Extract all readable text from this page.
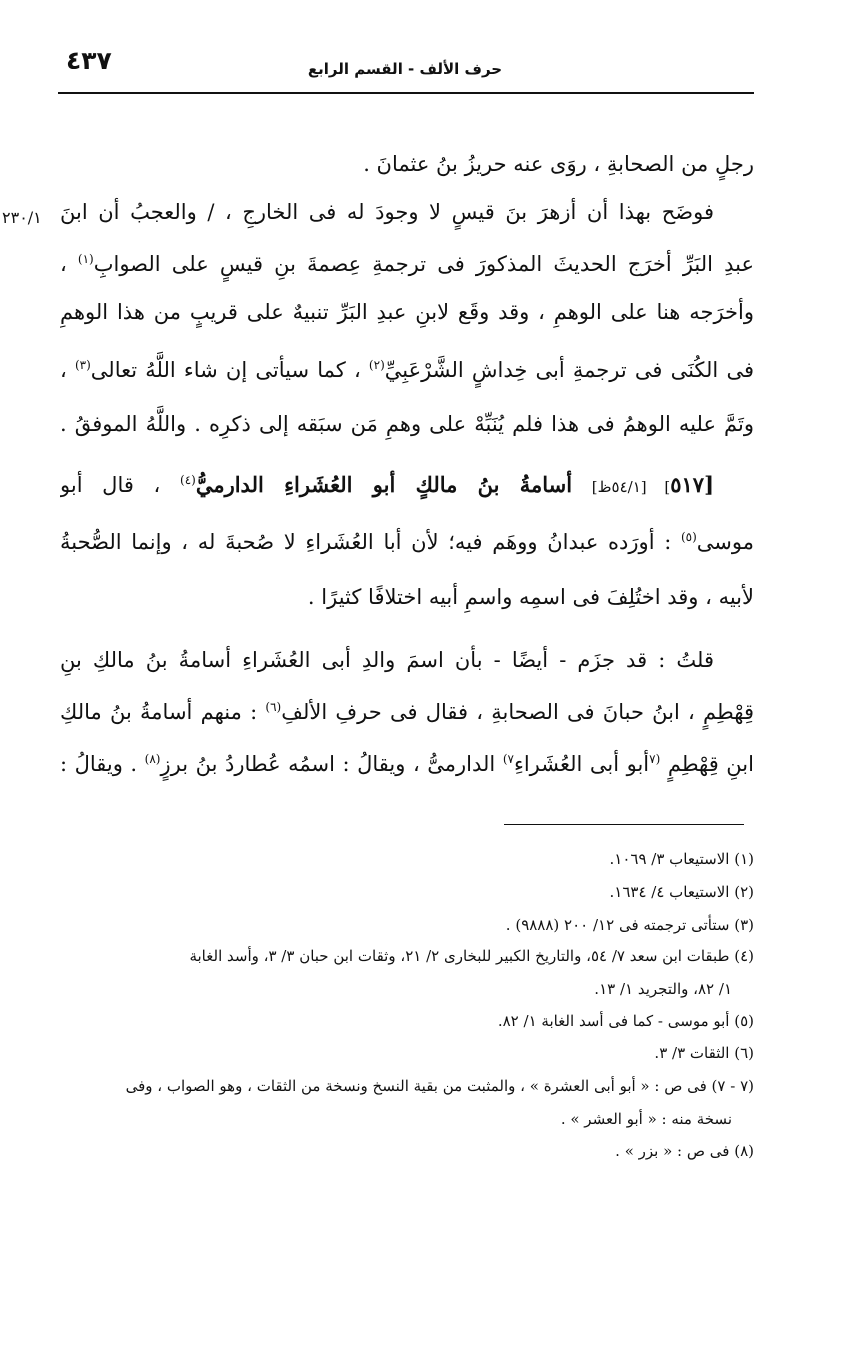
٤٣٧	حرف الألف - القسم الرابع
رجلٍ من الصحابةِ ، روَى عنه حريزُ بنُ عثمانَ .
فوضَح بهذا أن أزهرَ بنَ قيسٍ لا وجودَ له فى الخارجِ ، / والعجبُ أن ابنَ
٢٣٠/١
عبدِ البَرِّ أخرَج الحديثَ المذكورَ فى ترجمةِ عِصمةَ بنِ قيسٍ على الصوابِ$^{(١)}$ ،
وأخرَجه هنا على الوهمِ ، وقد وقَع لابنِ عبدِ البَرِّ تنبيهٌ على قريبٍ من هذا الوهمِ
فى الكُنَى فى ترجمةِ أبى خِداشٍ الشَّرْعَبِيِّ$^{(٢)}$ ، كما سيأتى إن شاء اللَّهُ تعالى$^{(٣)}$ ،
وتَمَّ عليه الوهمُ فى هذا فلم يُنَبِّهْ على وهمِ مَن سبَقه إلى ذكرِه . واللَّهُ الموفقُ .
[٥١٧] [٥٤/١ظ] أسامةُ بنُ مالكٍ أبو العُشَراءِ الدارميُّ$^{(٤)}$ ، قال أبو
موسى$^{(٥)}$ : أورَده عبدانُ ووهَم فيه؛ لأن أبا العُشَراءِ لا صُحبةَ له ، وإنما الصُّحبةُ
لأبيه ، وقد اختُلِفَ فى اسمِه واسمِ أبيه اختلافًا كثيرًا .
قلتُ : قد جزَم - أيضًا - بأن اسمَ والدِ أبى العُشَراءِ أسامةُ بنُ مالكِ بنِ
قِهْطِمٍ ، ابنُ حبانَ فى الصحابةِ ، فقال فى حرفِ الألفِ$^{(٦)}$ : منهم أسامةُ بنُ مالكِ
ابنِ قِهْطِمٍ $^{(٧}$أبو أبى العُشَراءِ$^{٧)}$ الدارمىُّ ، ويقالُ : اسمُه عُطاردُ بنُ برزٍ$^{(٨)}$ . ويقالُ :
(١) الاستيعاب ٣/ ١٠٦٩.
(٢) الاستيعاب ٤/ ١٦٣٤.
(٣) ستأتى ترجمته فى ١٢/ ٢٠٠ (٩٨٨٨) .
(٤) طبقات ابن سعد ٧/ ٥٤، والتاريخ الكبير للبخارى ٢/ ٢١، وثقات ابن حبان ٣/ ٣، وأسد الغابة
١/ ٨٢، والتجريد ١/ ١٣.
(٥) أبو موسى - كما فى أسد الغابة ١/ ٨٢.
(٦) الثقات ٣/ ٣.
(٧ - ٧) فى ص : « أبو أبى العشرة » ، والمثبت من بقية النسخ ونسخة من الثقات ، وهو الصواب ، وفى
نسخة منه : « أبو العشر » .
(٨) فى ص : « بزر » .
